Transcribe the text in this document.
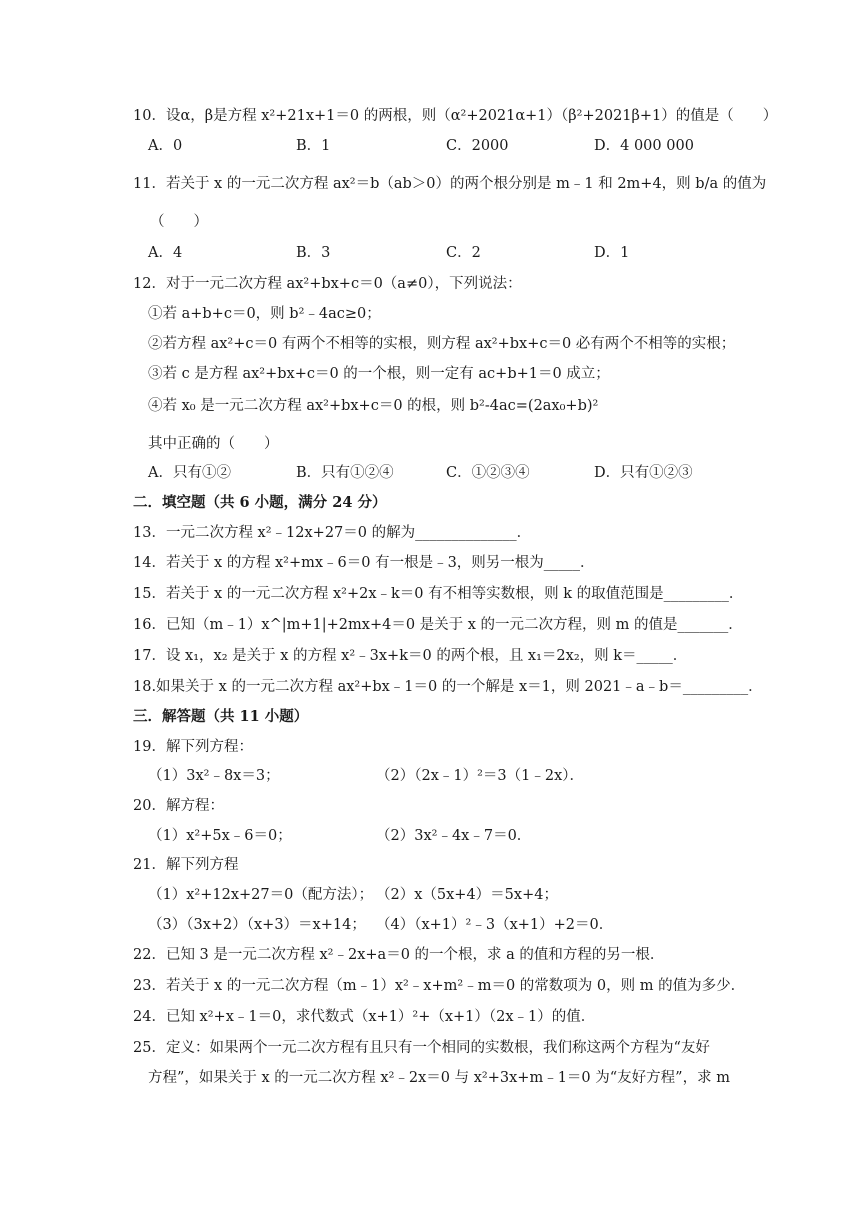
10．设α，β是方程 x²+21x+1＝0 的两根，则（α²+2021α+1）（β²+2021β+1）的值是（　　）
A．0	B．1	C．2000	D．4 000 000
11．若关于 x 的一元二次方程 ax²＝b（ab＞0）的两个根分别是 m﹣1 和 2m+4，则 b/a 的值为
（　　）
A．4	B．3	C．2	D．1
12．对于一元二次方程 ax²+bx+c＝0（a≠0），下列说法：
①若 a+b+c＝0，则 b²﹣4ac≥0；
②若方程 ax²+c＝0 有两个不相等的实根，则方程 ax²+bx+c＝0 必有两个不相等的实根；
③若 c 是方程 ax²+bx+c＝0 的一个根，则一定有 ac+b+1＝0 成立；
④若 x₀ 是一元二次方程 ax²+bx+c＝0 的根，则 b²-4ac=(2ax₀+b)²
其中正确的（　　）
A．只有①②	B．只有①②④	C．①②③④	D．只有①②③
二．填空题（共 6 小题，满分 24 分）
13．一元二次方程 x²﹣12x+27＝0 的解为______________．
14．若关于 x 的方程 x²+mx﹣6＝0 有一根是﹣3，则另一根为_____．
15．若关于 x 的一元二次方程 x²+2x﹣k＝0 有不相等实数根，则 k 的取值范围是_________．
16．已知（m﹣1）x^|m+1|+2mx+4＝0 是关于 x 的一元二次方程，则 m 的值是_______．
17．设 x₁，x₂ 是关于 x 的方程 x²﹣3x+k＝0 的两个根，且 x₁＝2x₂，则 k＝_____．
18.如果关于 x 的一元二次方程 ax²+bx﹣1＝0 的一个解是 x＝1，则 2021﹣a﹣b＝_________．
三．解答题（共 11 小题）
19．解下列方程：
（1）3x²﹣8x＝3；	（2）（2x﹣1）²＝3（1﹣2x）．
20．解方程：
（1）x²+5x﹣6＝0；	（2）3x²﹣4x﹣7＝0．
21．解下列方程
（1）x²+12x+27＝0（配方法）； （2）x（5x+4）＝5x+4；
（3）（3x+2）（x+3）＝x+14； （4）（x+1）²﹣3（x+1）+2＝0．
22．已知 3 是一元二次方程 x²﹣2x+a＝0 的一个根，求 a 的值和方程的另一根．
23．若关于 x 的一元二次方程（m﹣1）x²﹣x+m²﹣m＝0 的常数项为 0，则 m 的值为多少．
24．已知 x²+x﹣1＝0，求代数式（x+1）²+（x+1）（2x﹣1）的值．
25．定义：如果两个一元二次方程有且只有一个相同的实数根，我们称这两个方程为“友好
方程”，如果关于 x 的一元二次方程 x²﹣2x＝0 与 x²+3x+m﹣1＝0 为“友好方程”，求 m
